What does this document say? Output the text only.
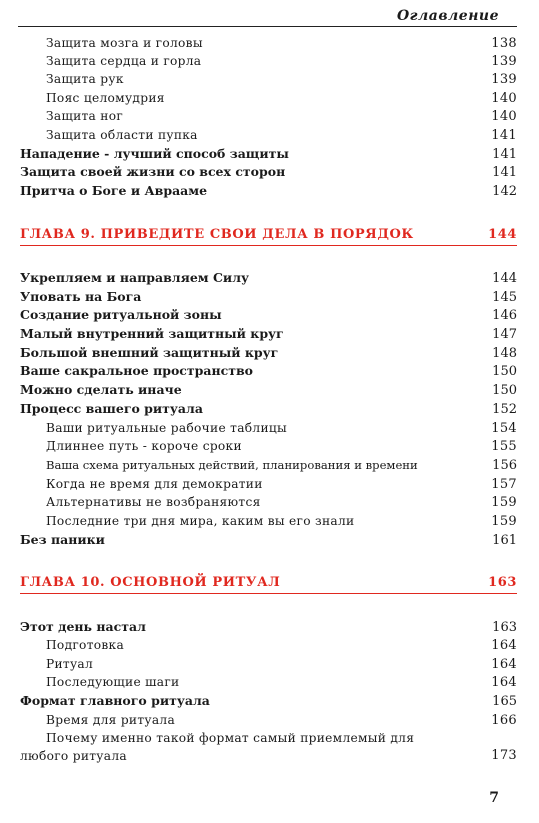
Оглавление
Защита мозга и головы	138
Защита сердца и горла	139
Защита рук	139
Пояс целомудрия	140
Защита ног	140
Защита области пупка	141
Нападение - лучший способ защиты	141
Защита своей жизни со всех сторон	141
Притча о Боге и Аврааме	142
ГЛАВА 9. ПРИВЕДИТЕ СВОИ ДЕЛА В ПОРЯДОК	144
Укрепляем и направляем Силу	144
Уповать на Бога	145
Создание ритуальной зоны	146
Малый внутренний защитный круг	147
Большой внешний защитный круг	148
Ваше сакральное пространство	150
Можно сделать иначе	150
Процесс вашего ритуала	152
Ваши ритуальные рабочие таблицы	154
Длиннее путь - короче сроки	155
Ваша схема ритуальных действий, планирования и времени	156
Когда не время для демократии	157
Альтернативы не возбраняются	159
Последние три дня мира, каким вы его знали	159
Без паники	161
ГЛАВА 10. ОСНОВНОЙ РИТУАЛ	163
Этот день настал	163
Подготовка	164
Ритуал	164
Последующие шаги	164
Формат главного ритуала	165
Время для ритуала	166
Почему именно такой формат самый приемлемый для
любого ритуала	173
7
